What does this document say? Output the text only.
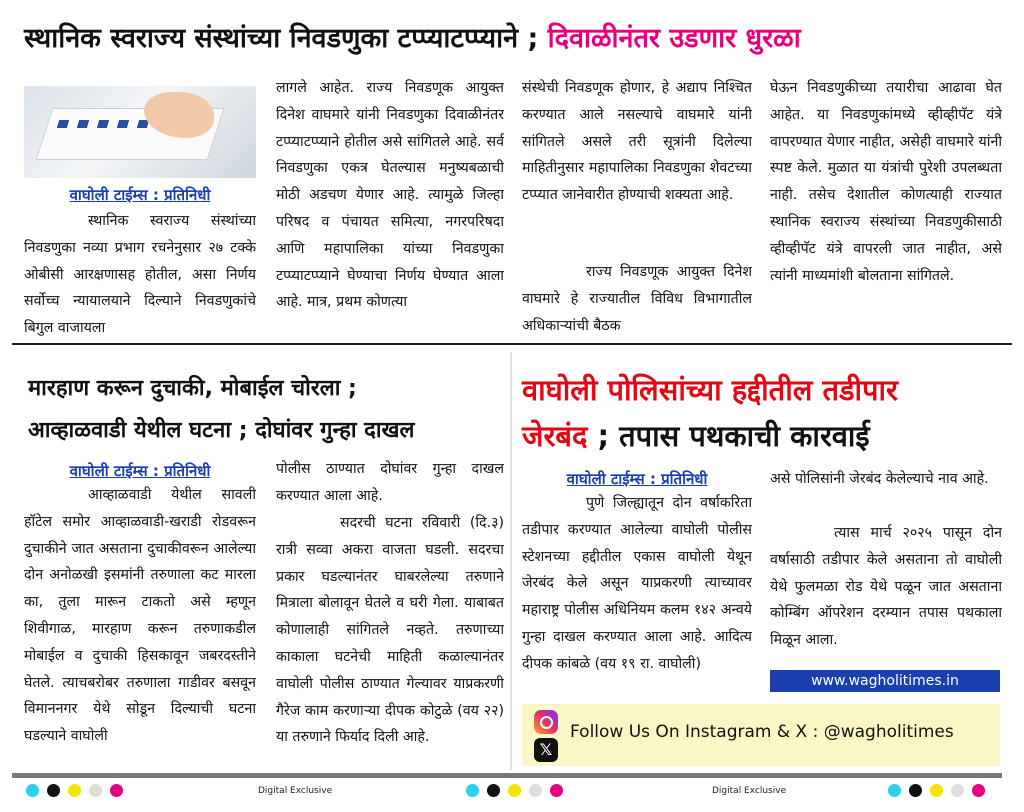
स्थानिक स्वराज्य संस्थांच्या निवडणुका टप्प्याटप्प्याने ; दिवाळीनंतर उडणार धुरळा
वाघोली टाईम्स : प्रतिनिधी
स्थानिक स्वराज्य संस्थांच्या निवडणुका नव्या प्रभाग रचनेनुसार २७ टक्के ओबीसी आरक्षणासह होतील, असा निर्णय सर्वोच्च न्यायालयाने दिल्याने निवडणुकांचे बिगुल वाजायला
लागले आहेत. राज्य निवडणूक आयुक्त दिनेश वाघमारे यांनी निवडणुका दिवाळीनंतर टप्प्याटप्प्याने होतील असे सांगितले आहे. सर्व निवडणुका एकत्र घेतल्यास मनुष्यबळाची मोठी अडचण येणार आहे. त्यामुळे जिल्हा परिषद व पंचायत समित्या, नगरपरिषदा आणि महापालिका यांच्या निवडणुका टप्प्याटप्प्याने घेण्याचा निर्णय घेण्यात आला आहे. मात्र, प्रथम कोणत्या
संस्थेची निवडणूक होणार, हे अद्याप निश्चित करण्यात आले नसल्याचे वाघमारे यांनी सांगितले असले तरी सूत्रांनी दिलेल्या माहितीनुसार महापालिका निवडणुका शेवटच्या टप्प्यात जानेवारीत होण्याची शक्यता आहे.
राज्य निवडणूक आयुक्त दिनेश वाघमारे हे राज्यातील विविध विभागातील अधिकाऱ्यांची बैठक
घेऊन निवडणुकीच्या तयारीचा आढावा घेत आहेत. या निवडणुकांमध्ये व्हीव्हीपॅट यंत्रे वापरण्यात येणार नाहीत, असेही वाघमारे यांनी स्पष्ट केले. मुळात या यंत्रांची पुरेशी उपलब्धता नाही. तसेच देशातील कोणत्याही राज्यात स्थानिक स्वराज्य संस्थांच्या निवडणुकीसाठी व्हीव्हीपॅट यंत्रे वापरली जात नाहीत, असे त्यांनी माध्यमांशी बोलताना सांगितले.
मारहाण करून दुचाकी, मोबाईल चोरला ;
आव्हाळवाडी येथील घटना ; दोघांवर गुन्हा दाखल
वाघोली टाईम्स : प्रतिनिधी
आव्हाळवाडी येथील सावली हॉटेल समोर आव्हाळवाडी-खराडी रोडवरून दुचाकीने जात असताना दुचाकीवरून आलेल्या दोन अनोळखी इसमांनी तरुणाला कट मारला का, तुला मारून टाकतो असे म्हणून शिवीगाळ, मारहाण करून तरुणाकडील मोबाईल व दुचाकी हिसकावून जबरदस्तीने घेतले. त्याचबरोबर तरुणाला गाडीवर बसवून विमाननगर येथे सोडून दिल्याची घटना घडल्याने वाघोली
पोलीस ठाण्यात दोघांवर गुन्हा दाखल करण्यात आला आहे.
सदरची घटना रविवारी (दि.३) रात्री सव्वा अकरा वाजता घडली. सदरचा प्रकार घडल्यानंतर घाबरलेल्या तरुणाने मित्राला बोलावून घेतले व घरी गेला. याबाबत कोणालाही सांगितले नव्हते. तरुणाच्या काकाला घटनेची माहिती कळाल्यानंतर वाघोली पोलीस ठाण्यात गेल्यावर याप्रकरणी गैरेज काम करणाऱ्या दीपक कोटुळे (वय २२) या तरुणाने फिर्याद दिली आहे.
वाघोली पोलिसांच्या हद्दीतील तडीपार
जेरबंद ; तपास पथकाची कारवाई
वाघोली टाईम्स : प्रतिनिधी
पुणे जिल्ह्यातून दोन वर्षाकरिता तडीपार करण्यात आलेल्या वाघोली पोलीस स्टेशनच्या हद्दीतील एकास वाघोली येथून जेरबंद केले असून याप्रकरणी त्याच्यावर महाराष्ट्र पोलीस अधिनियम कलम १४२ अन्वये गुन्हा दाखल करण्यात आला आहे. आदित्य दीपक कांबळे (वय १९ रा. वाघोली)
असे पोलिसांनी जेरबंद केलेल्याचे नाव आहे.
त्यास मार्च २०२५ पासून दोन वर्षासाठी तडीपार केले असताना तो वाघोली येथे फुलमळा रोड येथे पळून जात असताना कोम्बिंग ऑपरेशन दरम्यान तपास पथकाला मिळून आला.
www.wagholitimes.in
𝕏
Follow Us On Instagram & X : @wagholitimes
Digital Exclusive	Digital Exclusive
